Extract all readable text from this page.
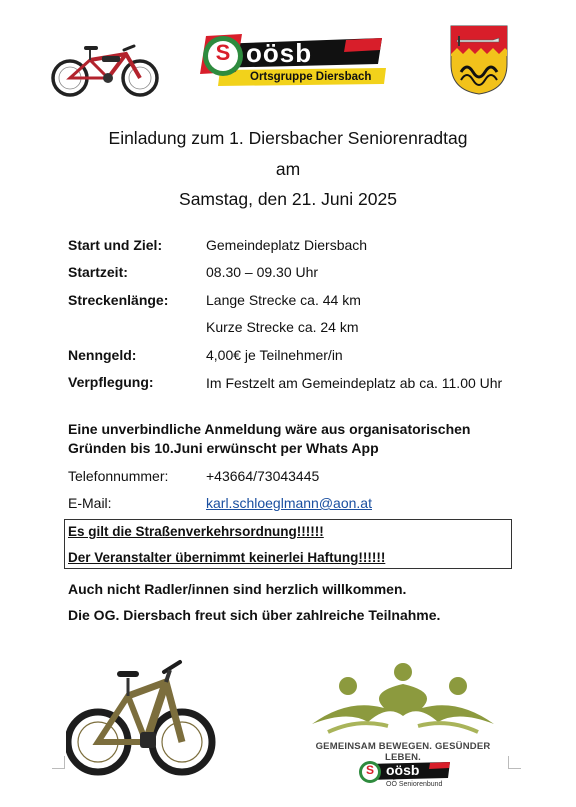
S oösb
Ortsgruppe Diersbach
Einladung zum 1. Diersbacher Seniorenradtag
am
Samstag, den 21. Juni 2025
Start und Ziel:	Gemeindeplatz Diersbach
Startzeit:	08.30 – 09.30 Uhr
Streckenlänge:	Lange Strecke ca. 44 km
Kurze Strecke ca. 24 km
Nenngeld:	4,00€ je Teilnehmer/in
Verpflegung:	Im Festzelt am Gemeindeplatz ab ca. 11.00 Uhr
Eine unverbindliche Anmeldung wäre aus organisatorischen Gründen bis 10.Juni erwünscht per Whats App
Telefonnummer:	+43664/73043445
E-Mail:	karl.schloeglmann@aon.at
Es gilt die Straßenverkehrsordnung!!!!!!
Der Veranstalter übernimmt keinerlei Haftung!!!!!!
Auch nicht Radler/innen sind herzlich willkommen.
Die OG. Diersbach freut sich über zahlreiche Teilnahme.
GEMEINSAM BEWEGEN. GESÜNDER LEBEN.
S oösb
OÖ Seniorenbund
